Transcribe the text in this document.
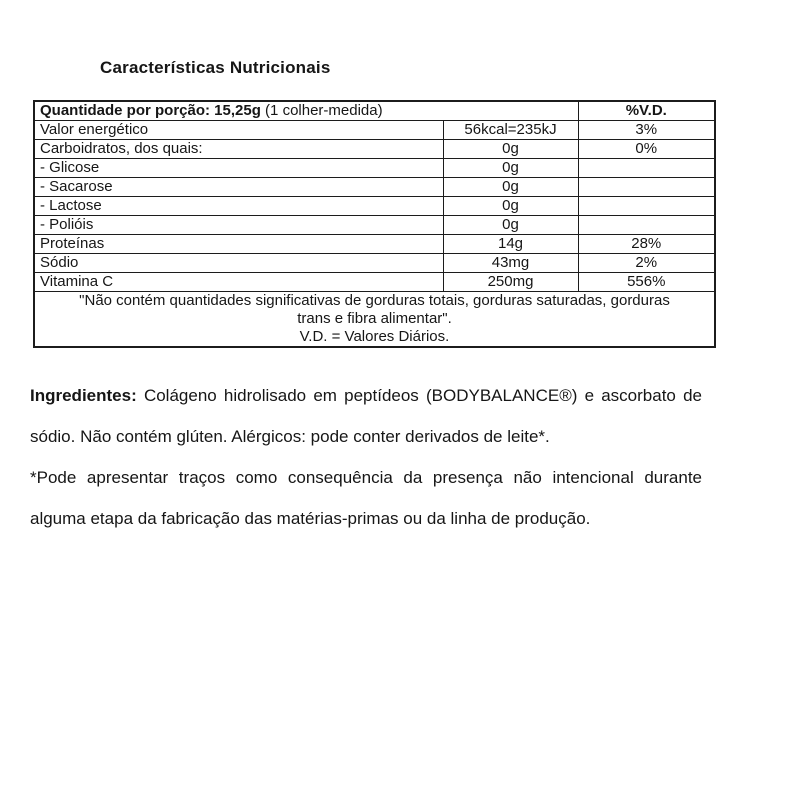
Características Nutricionais
Quantidade por porção: 15,25g (1 colher-medida)		%V.D.
Valor energético	56kcal=235kJ	3%
Carboidratos, dos quais:	0g	0%
- Glicose	0g	
- Sacarose	0g	
- Lactose	0g	
- Polióis	0g	
Proteínas	14g	28%
Sódio	43mg	2%
Vitamina C	250mg	556%

"Não contém quantidades significativas de gorduras totais, gorduras saturadas, gorduras
trans e fibra alimentar".
V.D. = Valores Diários.		

Ingredientes: Colágeno hidrolisado em peptídeos (BODYBALANCE®) e ascorbato de sódio. Não contém glúten. Alérgicos: pode conter derivados de leite*.

*Pode apresentar traços como consequência da presença não intencional durante alguma etapa da fabricação das matérias-primas ou da linha de produção.
